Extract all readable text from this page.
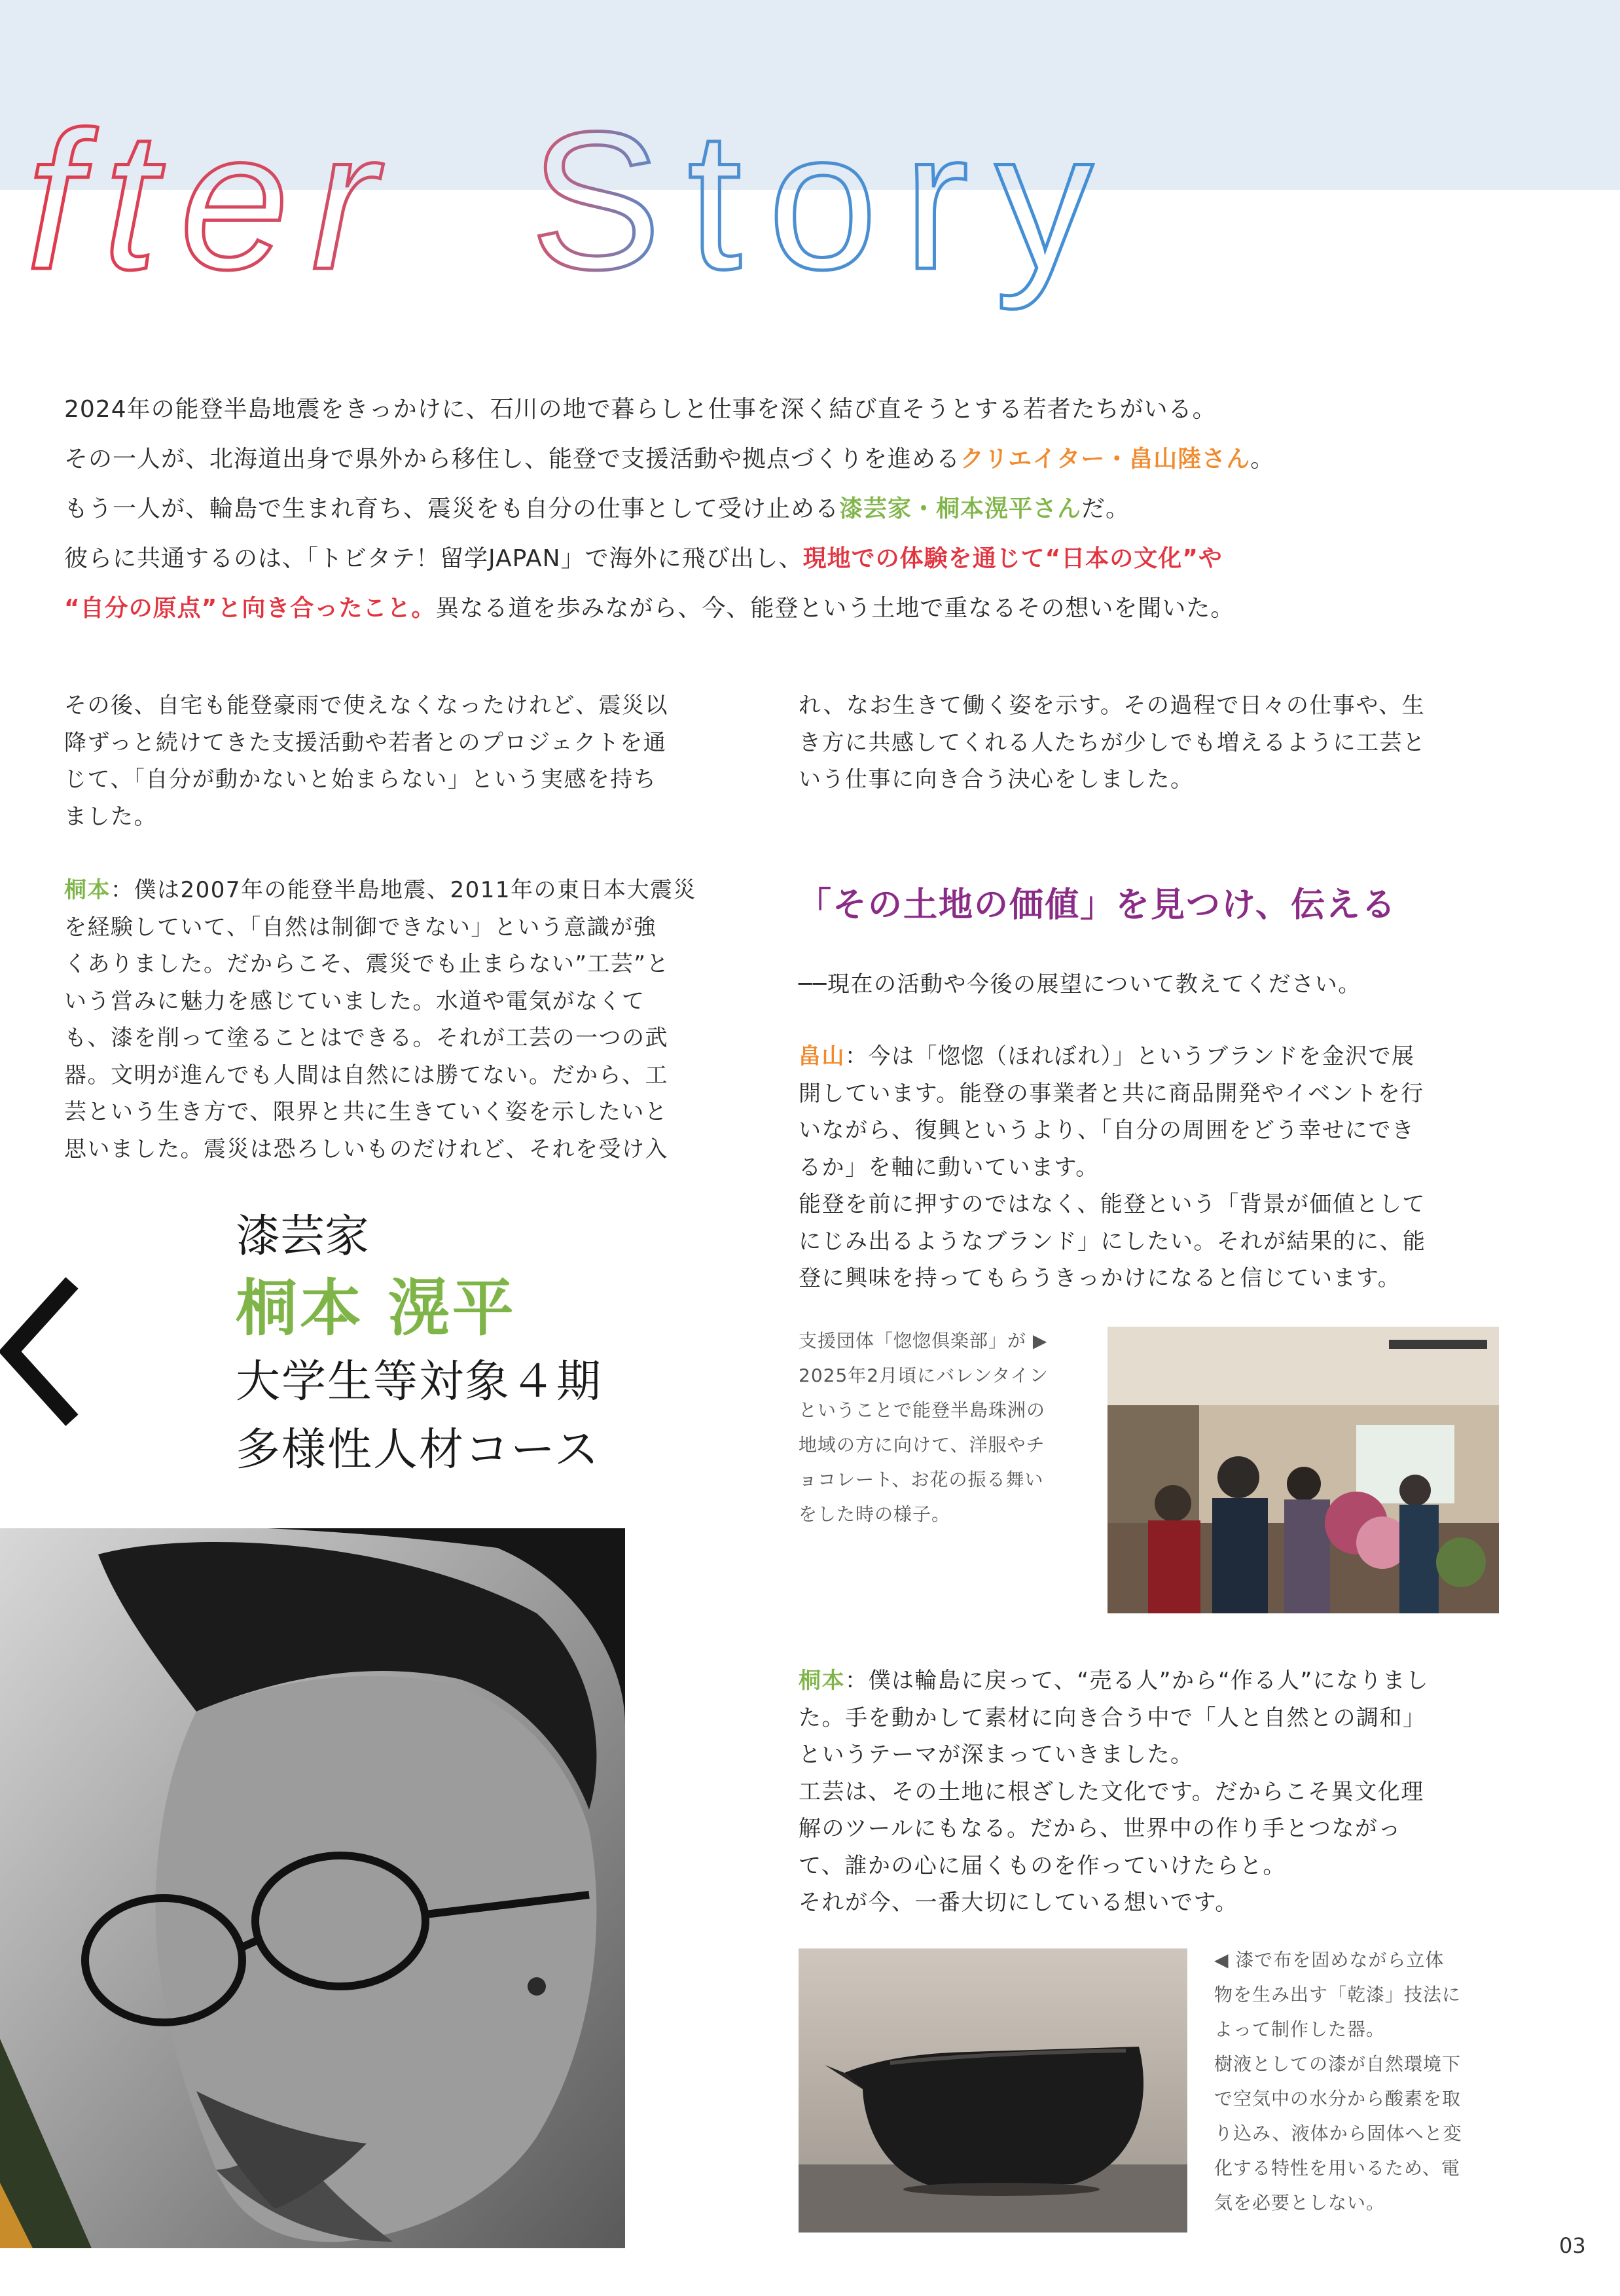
fter Story

2024年の能登半島地震をきっかけに、石川の地で暮らしと仕事を深く結び直そうとする若者たちがいる。

その一人が、北海道出身で県外から移住し、能登で支援活動や拠点づくりを進めるクリエイター・畠山陸さん。

もう一人が、輪島で生まれ育ち、震災をも自分の仕事として受け止める漆芸家・桐本滉平さんだ。

彼らに共通するのは、「トビタテ！留学JAPAN」で海外に飛び出し、現地での体験を通じて“日本の文化”や

“自分の原点”と向き合ったこと。異なる道を歩みながら、今、能登という土地で重なるその想いを聞いた。

その後、自宅も能登豪雨で使えなくなったけれど、震災以

降ずっと続けてきた支援活動や若者とのプロジェクトを通

じて、「自分が動かないと始まらない」という実感を持ち

ました。

桐本：僕は2007年の能登半島地震、2011年の東日本大震災

を経験していて、「自然は制御できない」という意識が強

くありました。だからこそ、震災でも止まらない”工芸”と

いう営みに魅力を感じていました。水道や電気がなくて

も、漆を削って塗ることはできる。それが工芸の一つの武

器。文明が進んでも人間は自然には勝てない。だから、工

芸という生き方で、限界と共に生きていく姿を示したいと

思いました。震災は恐ろしいものだけれど、それを受け入

れ、なお生きて働く姿を示す。その過程で日々の仕事や、生

き方に共感してくれる人たちが少しでも増えるように工芸と

いう仕事に向き合う決心をしました。

「その土地の価値」を見つけ、伝える
──現在の活動や今後の展望について教えてください。

畠山：今は「惚惚（ほれぼれ）」というブランドを金沢で展

開しています。能登の事業者と共に商品開発やイベントを行

いながら、復興というより、「自分の周囲をどう幸せにでき

るか」を軸に動いています。

能登を前に押すのではなく、能登という「背景が価値として

にじみ出るようなブランド」にしたい。それが結果的に、能

登に興味を持ってもらうきっかけになると信じています。

支援団体「惚惚倶楽部」が ▶

2025年2月頃にバレンタイン

ということで能登半島珠洲の

地域の方に向けて、洋服やチ

ョコレート、お花の振る舞い

をした時の様子。

桐本：僕は輪島に戻って、“売る人”から“作る人”になりまし

た。手を動かして素材に向き合う中で「人と自然との調和」

というテーマが深まっていきました。

工芸は、その土地に根ざした文化です。だからこそ異文化理

解のツールにもなる。だから、世界中の作り手とつながっ

て、誰かの心に届くものを作っていけたらと。

それが今、一番大切にしている想いです。

◀ 漆で布を固めながら立体

物を生み出す「乾漆」技法に

よって制作した器。

樹液としての漆が自然環境下

で空気中の水分から酸素を取

り込み、液体から固体へと変

化する特性を用いるため、電

気を必要としない。

漆芸家
桐本 滉平
大学生等対象４期
多様性人材コース
03
